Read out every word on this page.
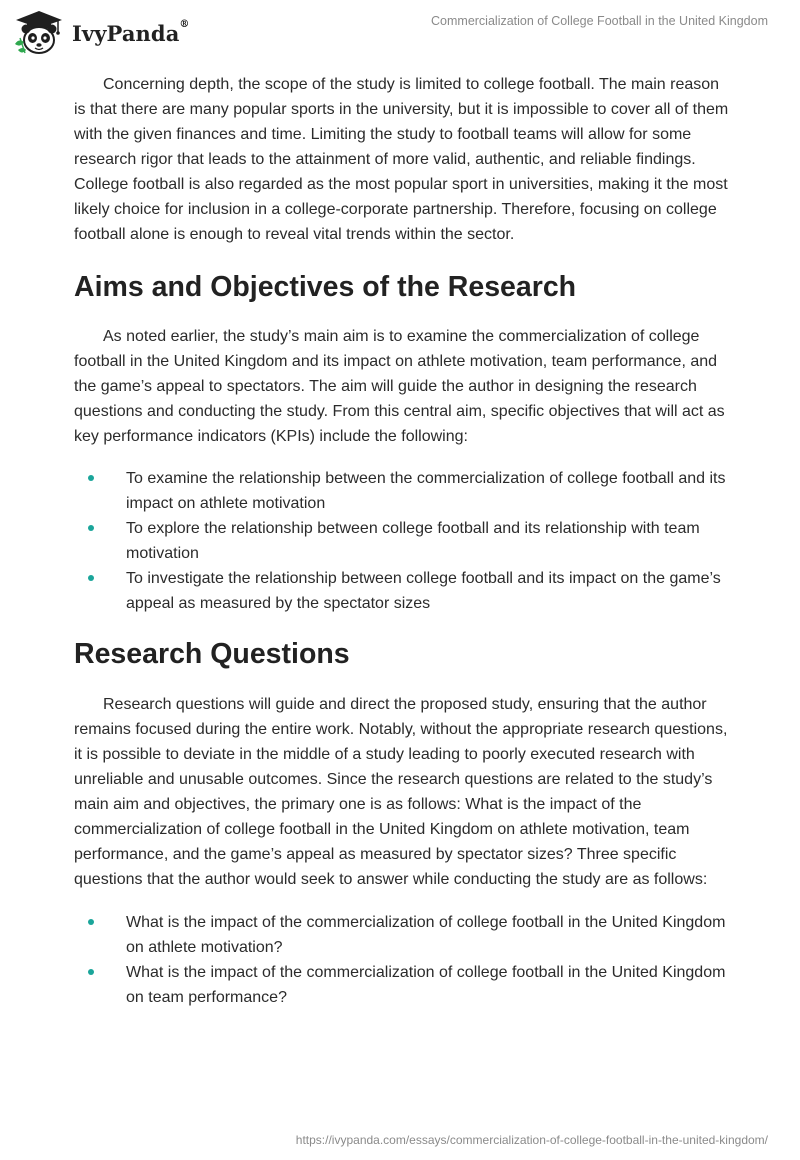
IvyPanda®	Commercialization of College Football in the United Kingdom

Concerning depth, the scope of the study is limited to college football. The main reason is that there are many popular sports in the university, but it is impossible to cover all of them with the given finances and time. Limiting the study to football teams will allow for some research rigor that leads to the attainment of more valid, authentic, and reliable findings. College football is also regarded as the most popular sport in universities, making it the most likely choice for inclusion in a college-corporate partnership. Therefore, focusing on college football alone is enough to reveal vital trends within the sector.

Aims and Objectives of the Research

As noted earlier, the study’s main aim is to examine the commercialization of college football in the United Kingdom and its impact on athlete motivation, team performance, and the game’s appeal to spectators. The aim will guide the author in designing the research questions and conducting the study. From this central aim, specific objectives that will act as key performance indicators (KPIs) include the following:

To examine the relationship between the commercialization of college football and its impact on athlete motivation
To explore the relationship between college football and its relationship with team motivation
To investigate the relationship between college football and its impact on the game’s appeal as measured by the spectator sizes
Research Questions

Research questions will guide and direct the proposed study, ensuring that the author remains focused during the entire work. Notably, without the appropriate research questions, it is possible to deviate in the middle of a study leading to poorly executed research with unreliable and unusable outcomes. Since the research questions are related to the study’s main aim and objectives, the primary one is as follows: What is the impact of the commercialization of college football in the United Kingdom on athlete motivation, team performance, and the game’s appeal as measured by spectator sizes? Three specific questions that the author would seek to answer while conducting the study are as follows:

What is the impact of the commercialization of college football in the United Kingdom on athlete motivation?
What is the impact of the commercialization of college football in the United Kingdom on team performance?
https://ivypanda.com/essays/commercialization-of-college-football-in-the-united-kingdom/
